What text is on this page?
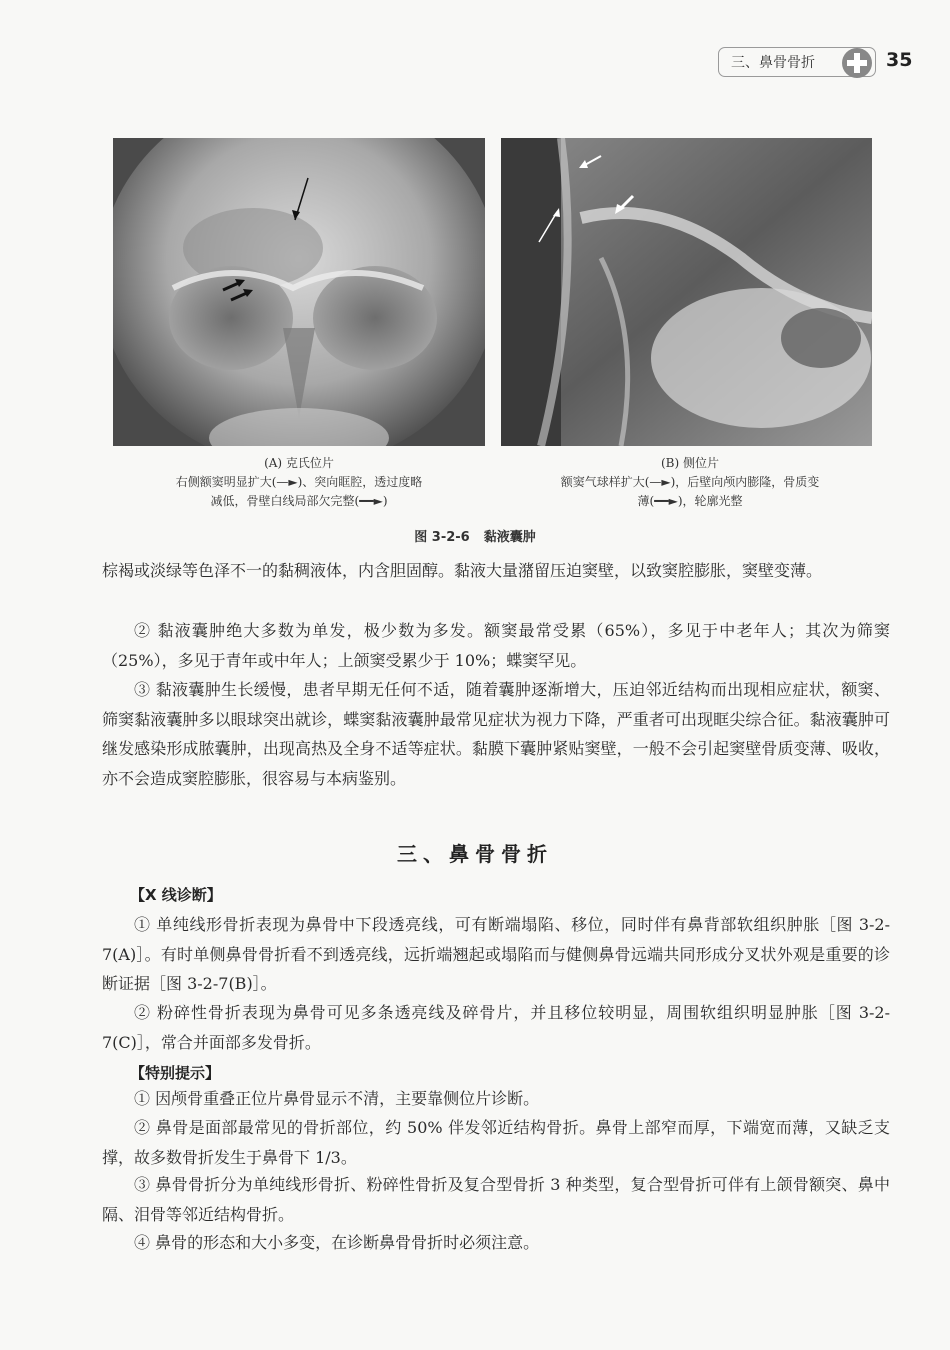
三、鼻骨骨折	35
(A) 克氏位片
右侧额窦明显扩大(—►)、突向眶腔，透过度略
减低，骨壁白线局部欠完整(━━►)
(B) 侧位片
额窦气球样扩大(—►)，后壁向颅内膨隆，骨质变
薄(━━►)，轮廓光整
图 3-2-6 黏液囊肿

棕褐或淡绿等色泽不一的黏稠液体，内含胆固醇。黏液大量潴留压迫窦壁，以致窦腔膨胀，窦壁变薄。

② 黏液囊肿绝大多数为单发，极少数为多发。额窦最常受累（65%），多见于中老年人；其次为筛窦（25%），多见于青年或中年人；上颌窦受累少于 10%；蝶窦罕见。

③ 黏液囊肿生长缓慢，患者早期无任何不适，随着囊肿逐渐增大，压迫邻近结构而出现相应症状，额窦、筛窦黏液囊肿多以眼球突出就诊，蝶窦黏液囊肿最常见症状为视力下降，严重者可出现眶尖综合征。黏液囊肿可继发感染形成脓囊肿，出现高热及全身不适等症状。黏膜下囊肿紧贴窦壁，一般不会引起窦壁骨质变薄、吸收，亦不会造成窦腔膨胀，很容易与本病鉴别。

三、鼻骨骨折
【X 线诊断】

① 单纯线形骨折表现为鼻骨中下段透亮线，可有断端塌陷、移位，同时伴有鼻背部软组织肿胀［图 3-2-7(A)］。有时单侧鼻骨骨折看不到透亮线，远折端翘起或塌陷而与健侧鼻骨远端共同形成分叉状外观是重要的诊断证据［图 3-2-7(B)］。

② 粉碎性骨折表现为鼻骨可见多条透亮线及碎骨片，并且移位较明显，周围软组织明显肿胀［图 3-2-7(C)］，常合并面部多发骨折。

【特别提示】

① 因颅骨重叠正位片鼻骨显示不清，主要靠侧位片诊断。

② 鼻骨是面部最常见的骨折部位，约 50% 伴发邻近结构骨折。鼻骨上部窄而厚，下端宽而薄，又缺乏支撑，故多数骨折发生于鼻骨下 1/3。

③ 鼻骨骨折分为单纯线形骨折、粉碎性骨折及复合型骨折 3 种类型，复合型骨折可伴有上颌骨额突、鼻中隔、泪骨等邻近结构骨折。

④ 鼻骨的形态和大小多变，在诊断鼻骨骨折时必须注意。
